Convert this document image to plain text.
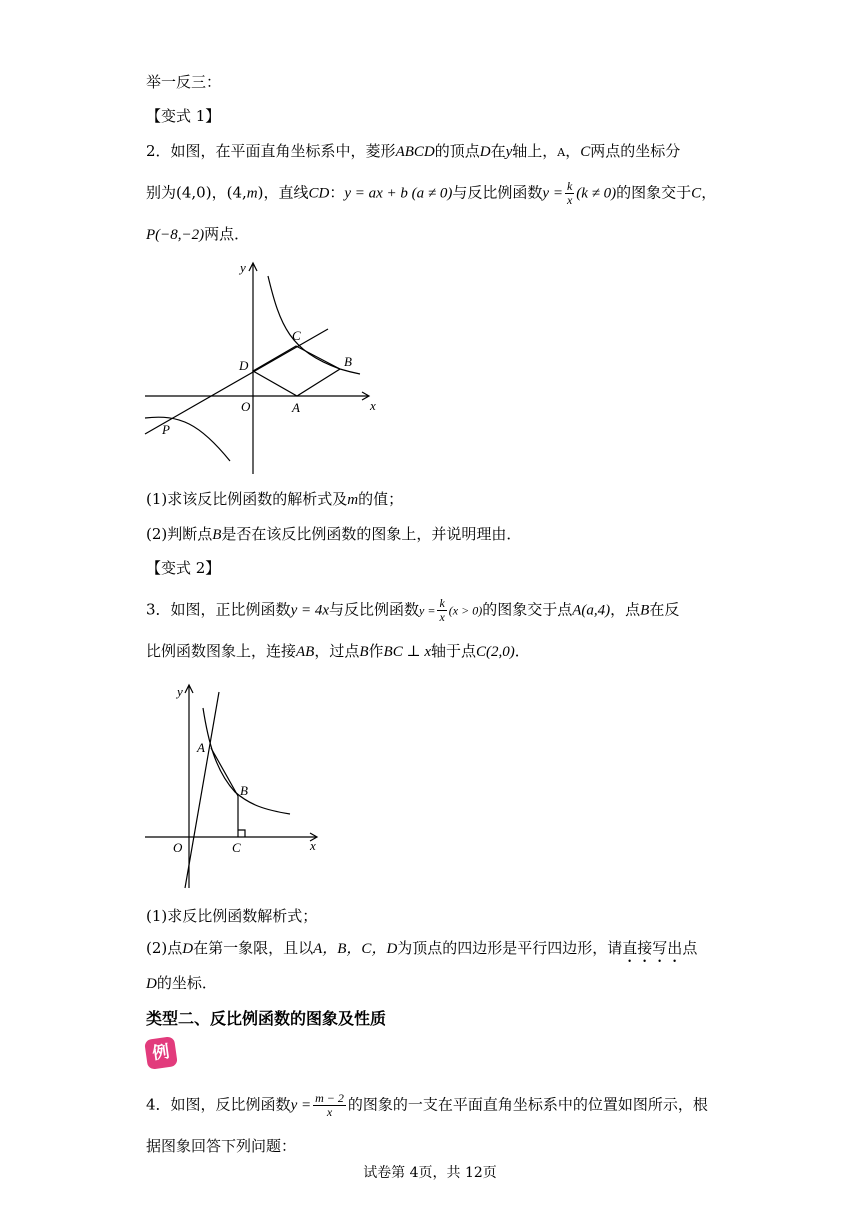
举一反三：
【变式 1】
2．如图，在平面直角坐标系中，菱形ABCD的顶点D在y轴上，A，C两点的坐标分
别为(4,0)，(4,m)，直线CD：y = ax + b (a ≠ 0)与反比例函数$y = \frac{k}{x} (k \ne 0)$的图象交于C，
P(−8,−2)两点．
y
x
O	A
B
C
D
P
(1)求该反比例函数的解析式及m的值；
(2)判断点B是否在该反比例函数的图象上，并说明理由．
【变式 2】
3．如图，正比例函数y = 4x与反比例函数$y = \frac{k}{x} (x > 0)$的图象交于点A(a,4)，点B在反
比例函数图象上，连接AB，过点B作BC ⊥ x轴于点C(2,0)．
y
x
O
A
B
C
(1)求反比例函数解析式；
(2)点D在第一象限，且以A，B，C，D为顶点的四边形是平行四边形，请直接写出点
D的坐标．
类型二、反比例函数的图象及性质
例
4．如图，反比例函数$y = \frac{m - 2}{x}$ 的图象的一支在平面直角坐标系中的位置如图所示，根
据图象回答下列问题：
试卷第 4页，共 12页
